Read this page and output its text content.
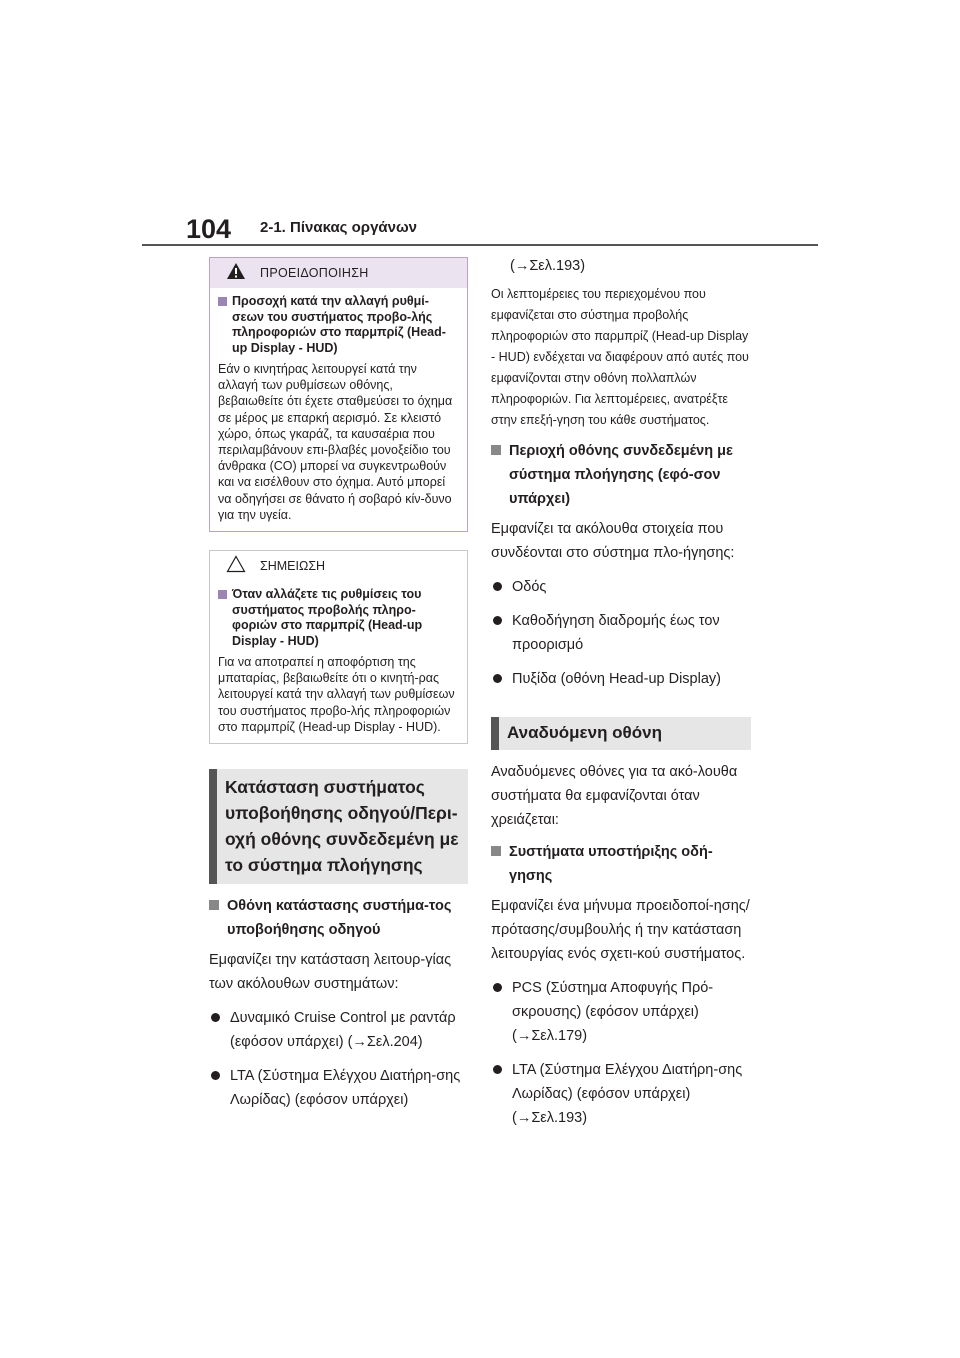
104 2-1. Πίνακας οργάνων
ΠΡΟΕΙΔΟΠΟΙΗΣΗ
Προσοχή κατά την αλλαγή ρυθμί-σεων του συστήματος προβο-λής πληροφοριών στο παρμπρίζ (Head-up Display - HUD)
Εάν ο κινητήρας λειτουργεί κατά την αλλαγή των ρυθμίσεων οθόνης, βεβαιωθείτε ότι έχετε σταθμεύσει το όχημα σε μέρος με επαρκή αερισμό. Σε κλειστό χώρο, όπως γκαράζ, τα καυσαέρια που περιλαμβάνουν επι-βλαβές μονοξείδιο του άνθρακα (CO) μπορεί να συγκεντρωθούν και να εισέλθουν στο όχημα. Αυτό μπορεί να οδηγήσει σε θάνατο ή σοβαρό κίν-δυνο για την υγεία.
ΣΗΜΕΙΩΣΗ
Όταν αλλάζετε τις ρυθμίσεις του συστήματος προβολής πληρο-φοριών στο παρμπρίζ (Head-up Display - HUD)
Για να αποτραπεί η αποφόρτιση της μπαταρίας, βεβαιωθείτε ότι ο κινητή-ρας λειτουργεί κατά την αλλαγή των ρυθμίσεων του συστήματος προβο-λής πληροφοριών στο παρμπρίζ (Head-up Display - HUD).
Κατάσταση συστήματος υποβοήθησης οδηγού/Περι-οχή οθόνης συνδεδεμένη με το σύστημα πλοήγησης
Οθόνη κατάστασης συστήμα-τος υποβοήθησης οδηγού
Εμφανίζει την κατάσταση λειτουρ-γίας των ακόλουθων συστημάτων:
Δυναμικό Cruise Control με ραντάρ (εφόσον υπάρχει) (→Σελ.204)
LTA (Σύστημα Ελέγχου Διατήρη-σης Λωρίδας) (εφόσον υπάρχει)
(→Σελ.193)
Οι λεπτομέρειες του περιεχομένου που εμφανίζεται στο σύστημα προβολής πληροφοριών στο παρμπρίζ (Head-up Display - HUD) ενδέχεται να διαφέρουν από αυτές που εμφανίζονται στην οθόνη πολλαπλών πληροφοριών. Για λεπτομέρειες, ανατρέξτε στην επεξή-γηση του κάθε συστήματος.
Περιοχή οθόνης συνδεδεμένη με σύστημα πλοήγησης (εφό-σον υπάρχει)
Εμφανίζει τα ακόλουθα στοιχεία που συνδέονται στο σύστημα πλο-ήγησης:
Οδός
Καθοδήγηση διαδρομής έως τον προορισμό
Πυξίδα (οθόνη Head-up Display)
Αναδυόμενη οθόνη
Αναδυόμενες οθόνες για τα ακό-λουθα συστήματα θα εμφανίζονται όταν χρειάζεται:
Συστήματα υποστήριξης οδή-γησης
Εμφανίζει ένα μήνυμα προειδοποί-ησης/πρότασης/συμβουλής ή την κατάσταση λειτουργίας ενός σχετι-κού συστήματος.
PCS (Σύστημα Αποφυγής Πρό-σκρουσης) (εφόσον υπάρχει) (→Σελ.179)
LTA (Σύστημα Ελέγχου Διατήρη-σης Λωρίδας) (εφόσον υπάρχει) (→Σελ.193)
